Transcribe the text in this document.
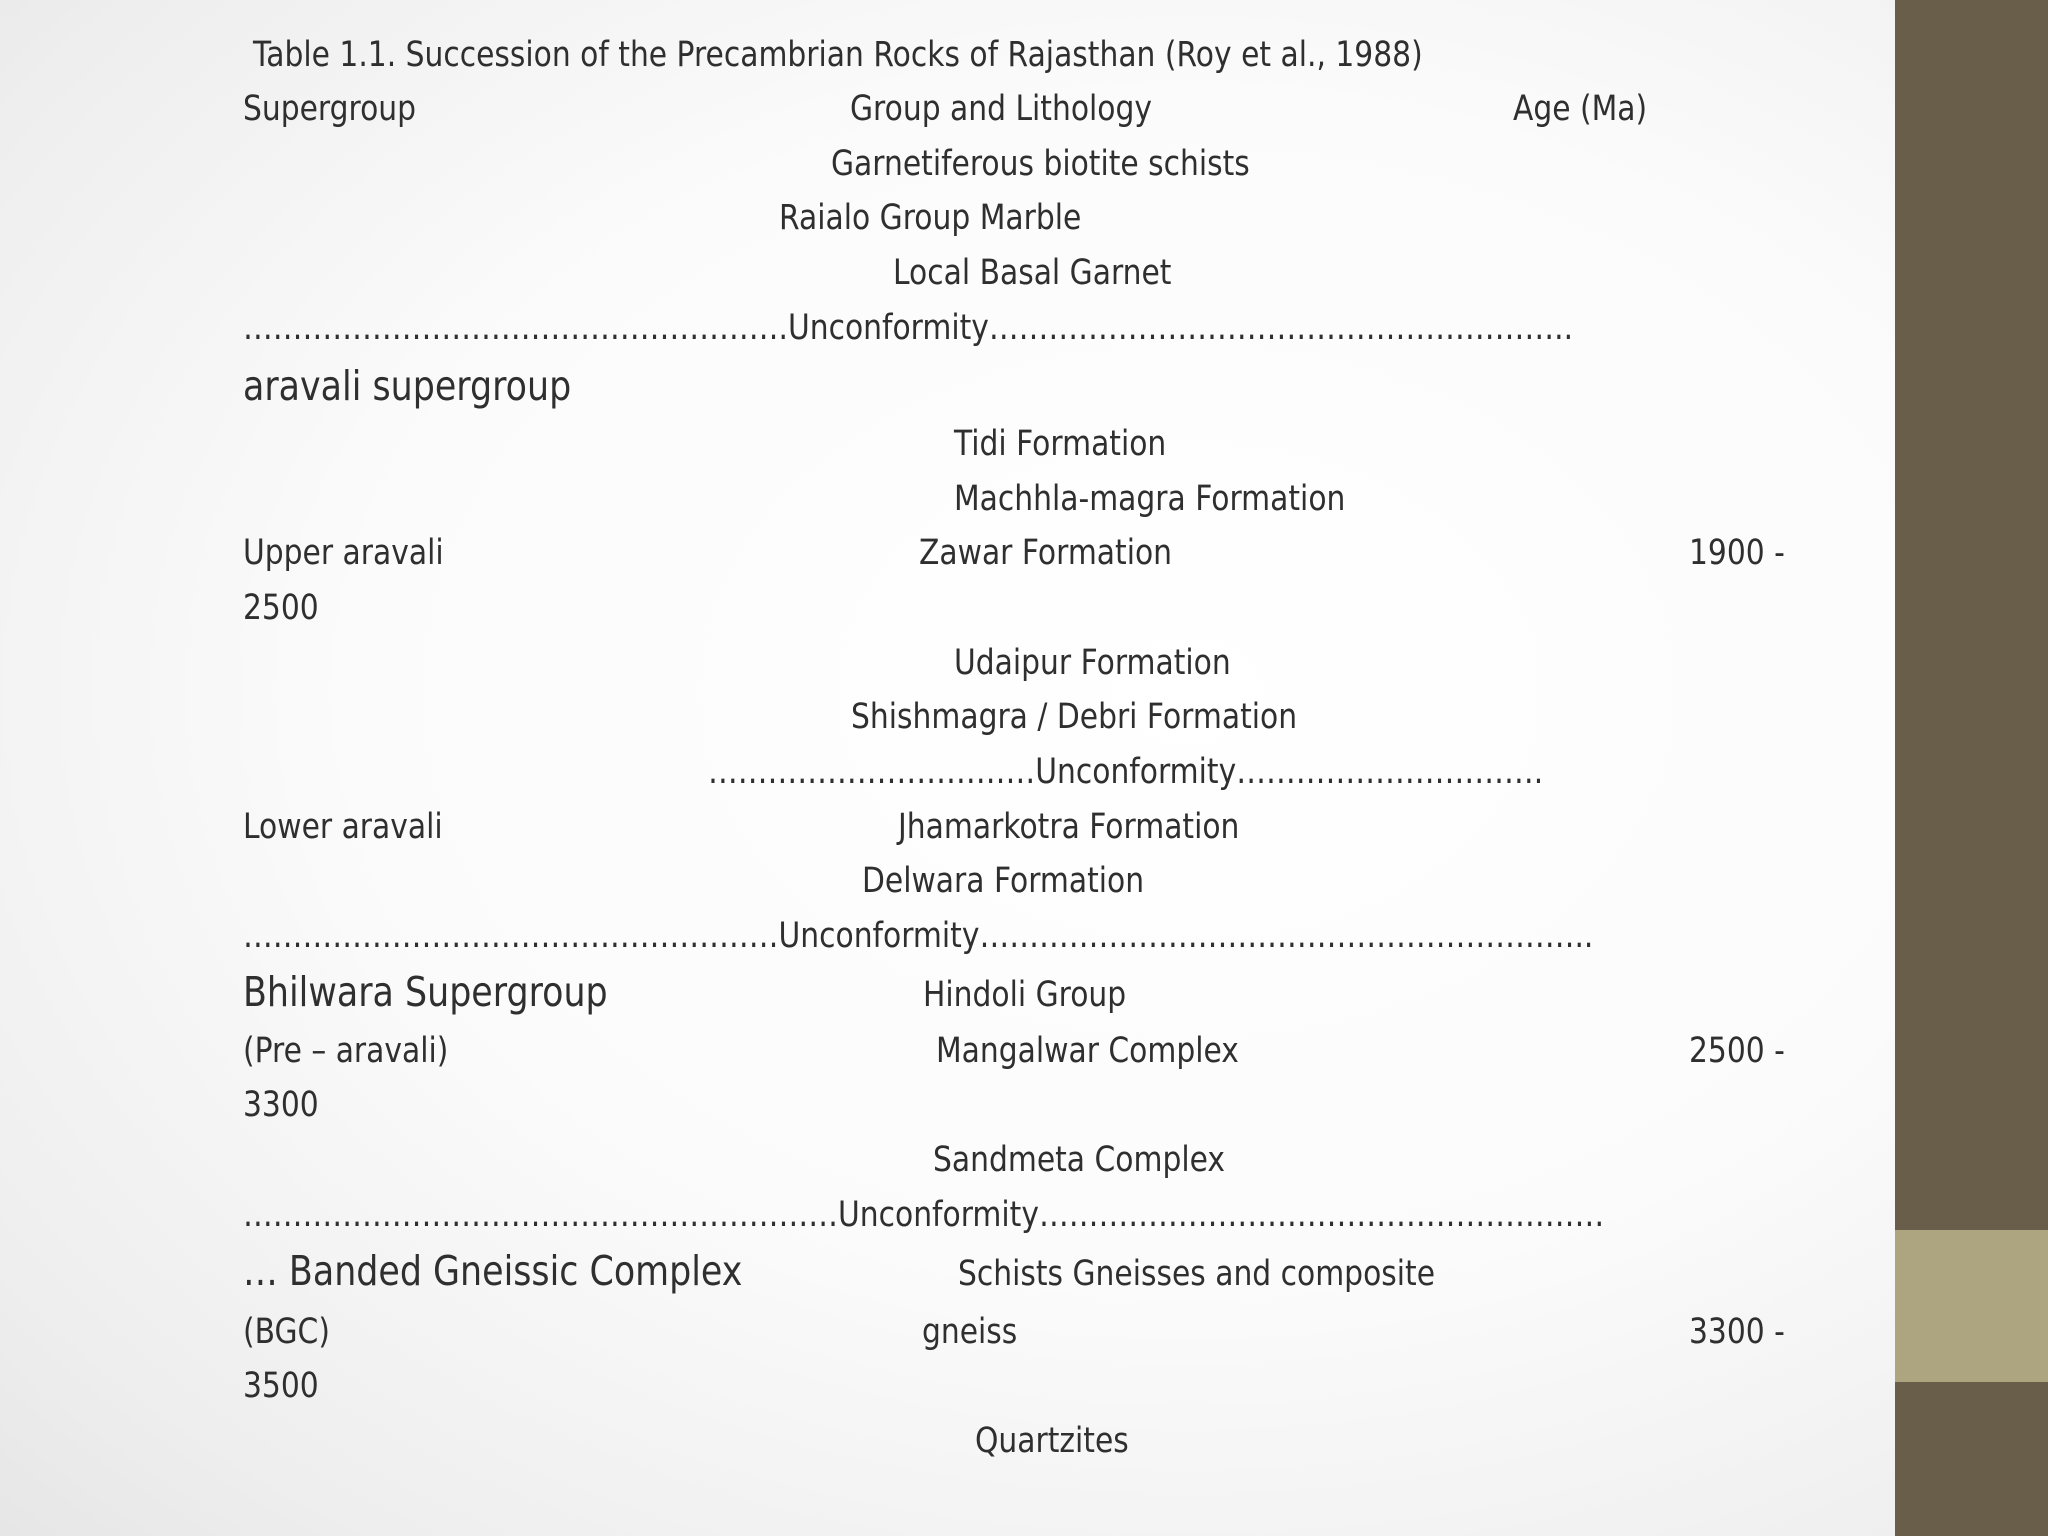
Table 1.1. Succession of the Precambrian Rocks of Rajasthan (Roy et al., 1988)
Supergroup	Group and Lithology	Age (Ma)
Garnetiferous biotite schists
Raialo Group Marble
Local Basal Garnet
……………………………………………….Unconformity…………………………………………………..
aravali supergroup
Tidi Formation
Machhla-magra Formation
Upper aravali	Zawar Formation	1900 -
2500
Udaipur Formation
Shishmagra / Debri Formation
……………………………Unconformity………………………….
Lower aravali	Jhamarkotra Formation
Delwara Formation
………………………………………………Unconformity……………………………………………………..
Bhilwara Supergroup	Hindoli Group
(Pre – aravali)	Mangalwar Complex	2500 -
3300
Sandmeta Complex
……………………………………………………Unconformity…………………………………………………
… Banded Gneissic Complex	Schists Gneisses and composite
(BGC)	gneiss	3300 -
3500
Quartzites
